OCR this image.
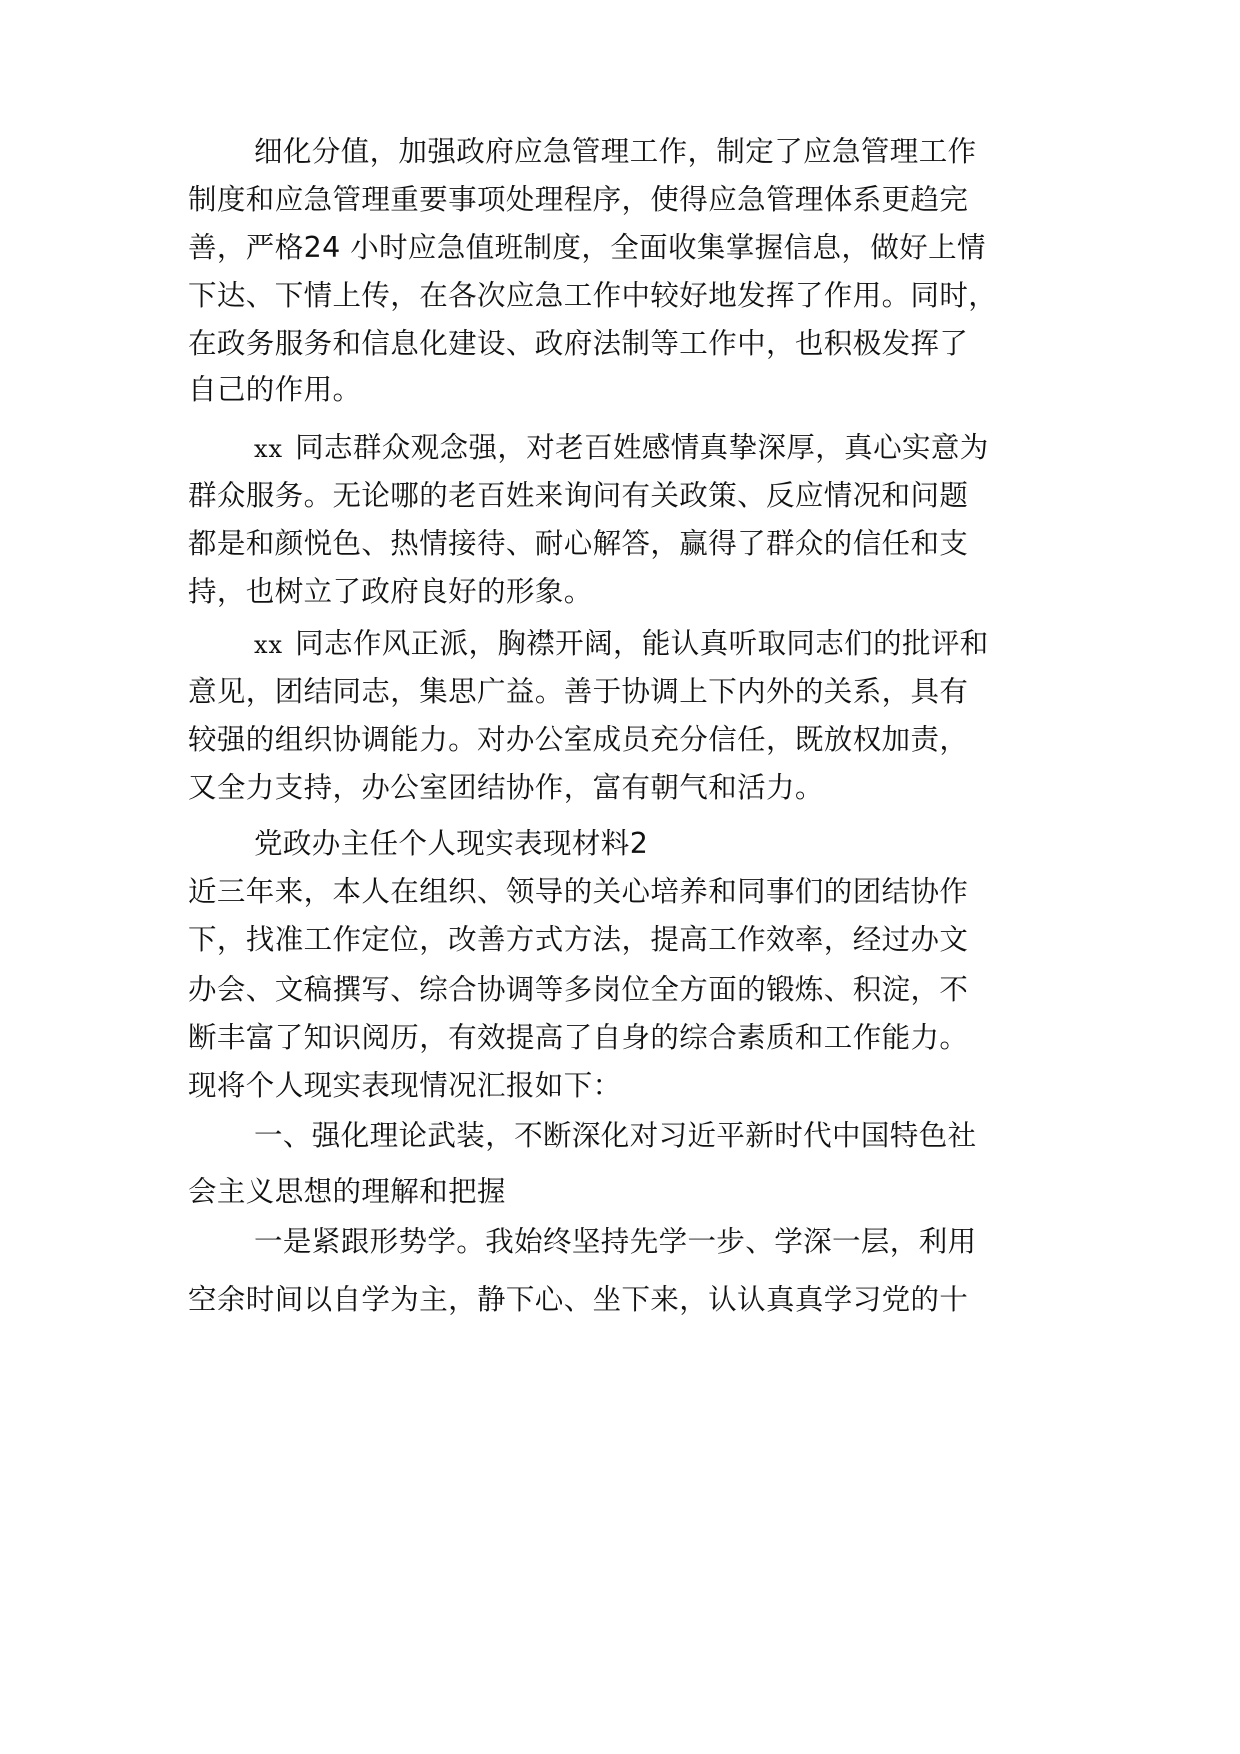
细化分值，加强政府应急管理工作，制定了应急管理工作
制度和应急管理重要事项处理程序，使得应急管理体系更趋完
善，严格24 小时应急值班制度，全面收集掌握信息，做好上情
下达、下情上传，在各次应急工作中较好地发挥了作用。同时，
在政务服务和信息化建设、政府法制等工作中，也积极发挥了
自己的作用。
xx 同志群众观念强，对老百姓感情真挚深厚，真心实意为
群众服务。无论哪的老百姓来询问有关政策、反应情况和问题
都是和颜悦色、热情接待、耐心解答，赢得了群众的信任和支
持，也树立了政府良好的形象。
xx 同志作风正派，胸襟开阔，能认真听取同志们的批评和
意见，团结同志，集思广益。善于协调上下内外的关系，具有
较强的组织协调能力。对办公室成员充分信任，既放权加责，
又全力支持，办公室团结协作，富有朝气和活力。
党政办主任个人现实表现材料2
近三年来，本人在组织、领导的关心培养和同事们的团结协作
下，找准工作定位，改善方式方法，提高工作效率，经过办文
办会、文稿撰写、综合协调等多岗位全方面的锻炼、积淀，不
断丰富了知识阅历，有效提高了自身的综合素质和工作能力。
现将个人现实表现情况汇报如下：
一、强化理论武装，不断深化对习近平新时代中国特色社
会主义思想的理解和把握
一是紧跟形势学。我始终坚持先学一步、学深一层，利用
空余时间以自学为主，静下心、坐下来，认认真真学习党的十
